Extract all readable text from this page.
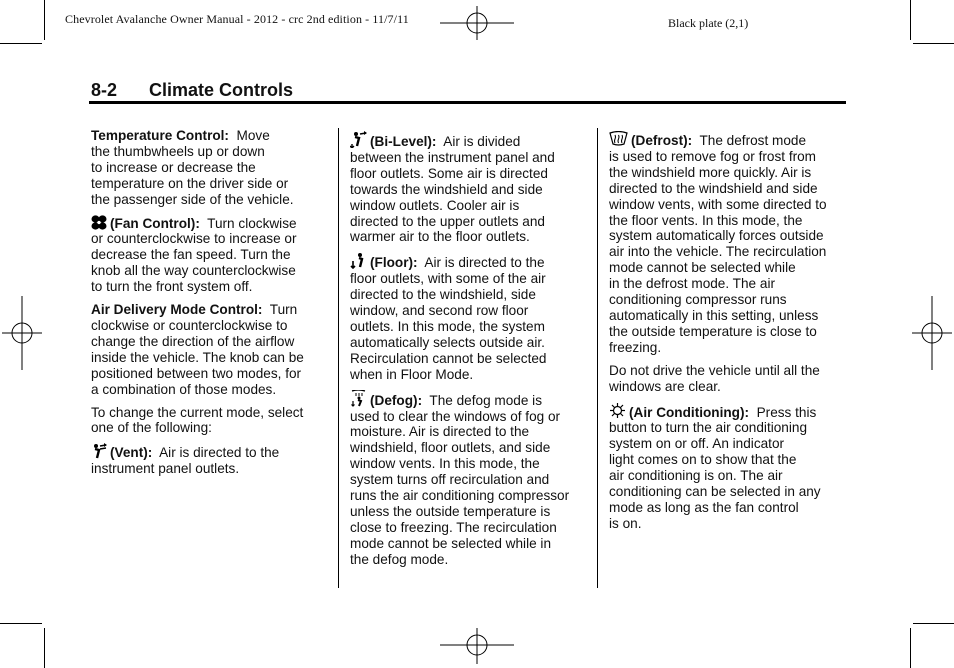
Chevrolet Avalanche Owner Manual - 2012 - crc 2nd edition - 11/7/11	Black plate (2,1)
8-2 Climate Controls
Temperature Control: Move
the thumbwheels up or down
to increase or decrease the
temperature on the driver side or
the passenger side of the vehicle.
(Fan Control): Turn clockwise
or counterclockwise to increase or
decrease the fan speed. Turn the
knob all the way counterclockwise
to turn the front system off.
Air Delivery Mode Control: Turn
clockwise or counterclockwise to
change the direction of the airflow
inside the vehicle. The knob can be
positioned between two modes, for
a combination of those modes.
To change the current mode, select
one of the following:
(Vent): Air is directed to the
instrument panel outlets.
(Bi-Level): Air is divided
between the instrument panel and
floor outlets. Some air is directed
towards the windshield and side
window outlets. Cooler air is
directed to the upper outlets and
warmer air to the floor outlets.
(Floor): Air is directed to the
floor outlets, with some of the air
directed to the windshield, side
window, and second row floor
outlets. In this mode, the system
automatically selects outside air.
Recirculation cannot be selected
when in Floor Mode.
(Defog): The defog mode is
used to clear the windows of fog or
moisture. Air is directed to the
windshield, floor outlets, and side
window vents. In this mode, the
system turns off recirculation and
runs the air conditioning compressor
unless the outside temperature is
close to freezing. The recirculation
mode cannot be selected while in
the defog mode.
(Defrost): The defrost mode
is used to remove fog or frost from
the windshield more quickly. Air is
directed to the windshield and side
window vents, with some directed to
the floor vents. In this mode, the
system automatically forces outside
air into the vehicle. The recirculation
mode cannot be selected while
in the defrost mode. The air
conditioning compressor runs
automatically in this setting, unless
the outside temperature is close to
freezing.
Do not drive the vehicle until all the
windows are clear.
(Air Conditioning): Press this
button to turn the air conditioning
system on or off. An indicator
light comes on to show that the
air conditioning is on. The air
conditioning can be selected in any
mode as long as the fan control
is on.
